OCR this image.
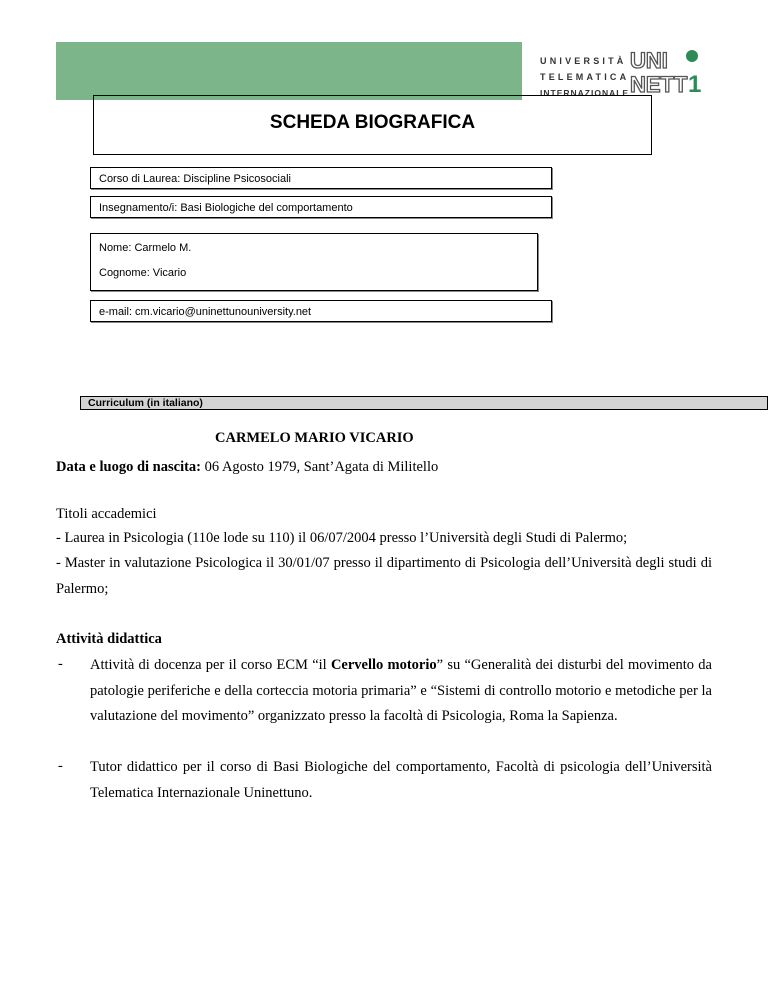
UNIVERSITÀ
TELEMATICA
INTERNAZIONALE
UNI
NETT 1
SCHEDA BIOGRAFICA
Corso di Laurea: Discipline Psicosociali
Insegnamento/i: Basi Biologiche del comportamento
Nome: Carmelo M.
Cognome: Vicario
e-mail: cm.vicario@uninettunouniversity.net
Curriculum (in italiano)
CARMELO MARIO VICARIO
Data e luogo di nascita: 06 Agosto 1979, Sant’Agata di Militello
Titoli accademici
- Laurea in Psicologia (110e lode su 110) il 06/07/2004 presso l’Università degli Studi di Palermo;
- Master in valutazione Psicologica il 30/01/07 presso il dipartimento di Psicologia dell’Università degli studi di Palermo;
Attività didattica
- Attività di docenza per il corso ECM “il Cervello motorio” su “Generalità dei disturbi del movimento da patologie periferiche e della corteccia motoria primaria” e “Sistemi di controllo motorio e metodiche per la valutazione del movimento” organizzato presso la facoltà di Psicologia, Roma la Sapienza.
- Tutor didattico per il corso di Basi Biologiche del comportamento, Facoltà di psicologia dell’Università Telematica Internazionale Uninettuno.
